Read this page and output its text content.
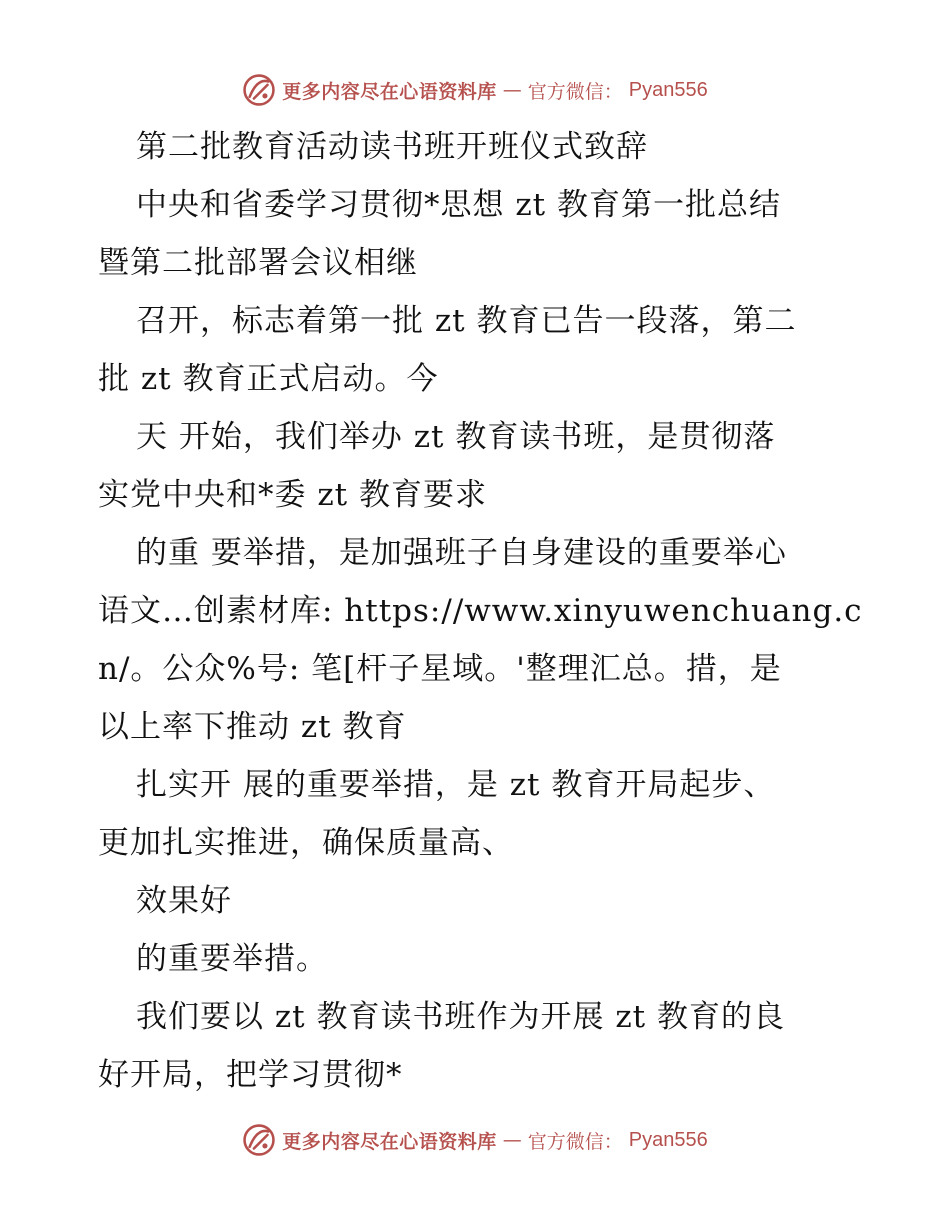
更多内容尽在心语资料库 — 官方微信： Pyan556
第二批教育活动读书班开班仪式致辞
中央和省委学习贯彻*思想 zt 教育第一批总结
暨第二批部署会议相继
召开，标志着第一批 zt 教育已告一段落，第二
批 zt 教育正式启动。今
天 开始，我们举办 zt 教育读书班，是贯彻落
实党中央和*委 zt 教育要求
的重 要举措，是加强班子自身建设的重要举心
语文…创素材库: https://www.xinyuwenchuang.c
n/。公众%号: 笔[杆子星域。'整理汇总。措，是
以上率下推动 zt 教育
扎实开 展的重要举措，是 zt 教育开局起步、
更加扎实推进，确保质量高、
效果好
的重要举措。
我们要以 zt 教育读书班作为开展 zt 教育的良
好开局，把学习贯彻*
更多内容尽在心语资料库 — 官方微信： Pyan556
